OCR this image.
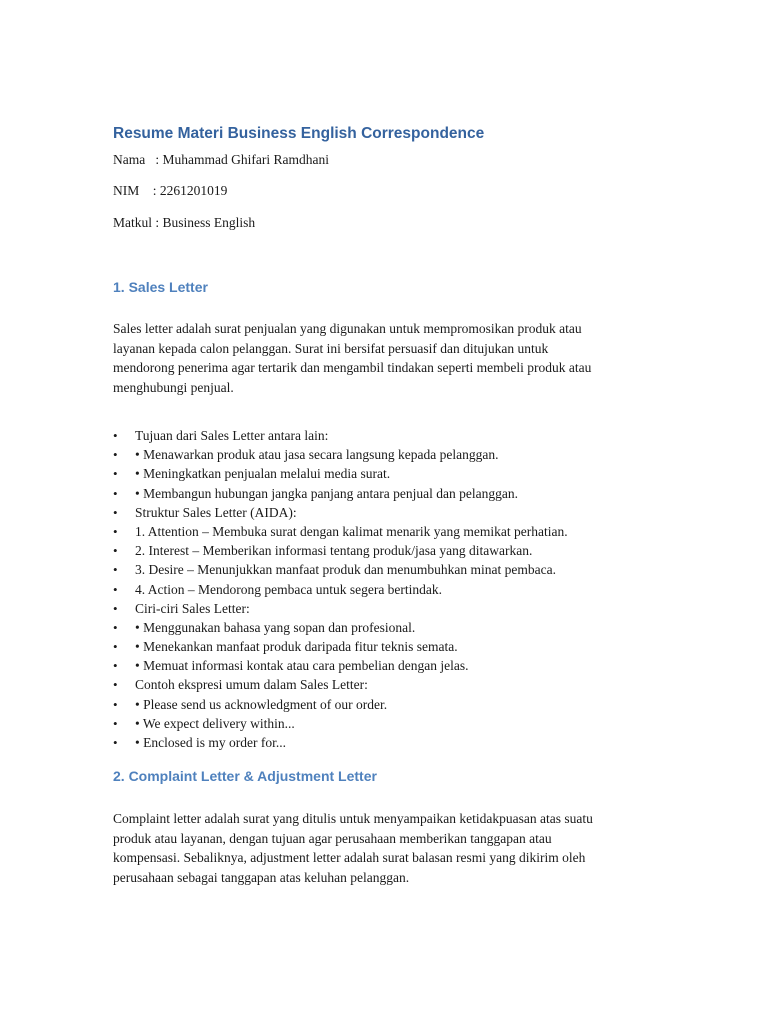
Resume Materi Business English Correspondence

Nama   : Muhammad Ghifari Ramdhani

NIM    : 2261201019

Matkul : Business English

1. Sales Letter

Sales letter adalah surat penjualan yang digunakan untuk mempromosikan produk atau
layanan kepada calon pelanggan. Surat ini bersifat persuasif dan ditujukan untuk
mendorong penerima agar tertarik dan mengambil tindakan seperti membeli produk atau
menghubungi penjual.

•	Tujuan dari Sales Letter antara lain:
•	• Menawarkan produk atau jasa secara langsung kepada pelanggan.
•	• Meningkatkan penjualan melalui media surat.
•	• Membangun hubungan jangka panjang antara penjual dan pelanggan.
•	Struktur Sales Letter (AIDA):
•	1. Attention – Membuka surat dengan kalimat menarik yang memikat perhatian.
•	2. Interest – Memberikan informasi tentang produk/jasa yang ditawarkan.
•	3. Desire – Menunjukkan manfaat produk dan menumbuhkan minat pembaca.
•	4. Action – Mendorong pembaca untuk segera bertindak.
•	Ciri-ciri Sales Letter:
•	• Menggunakan bahasa yang sopan dan profesional.
•	• Menekankan manfaat produk daripada fitur teknis semata.
•	• Memuat informasi kontak atau cara pembelian dengan jelas.
•	Contoh ekspresi umum dalam Sales Letter:
•	• Please send us acknowledgment of our order.
•	• We expect delivery within...
•	• Enclosed is my order for...
2. Complaint Letter & Adjustment Letter

Complaint letter adalah surat yang ditulis untuk menyampaikan ketidakpuasan atas suatu
produk atau layanan, dengan tujuan agar perusahaan memberikan tanggapan atau
kompensasi. Sebaliknya, adjustment letter adalah surat balasan resmi yang dikirim oleh
perusahaan sebagai tanggapan atas keluhan pelanggan.
